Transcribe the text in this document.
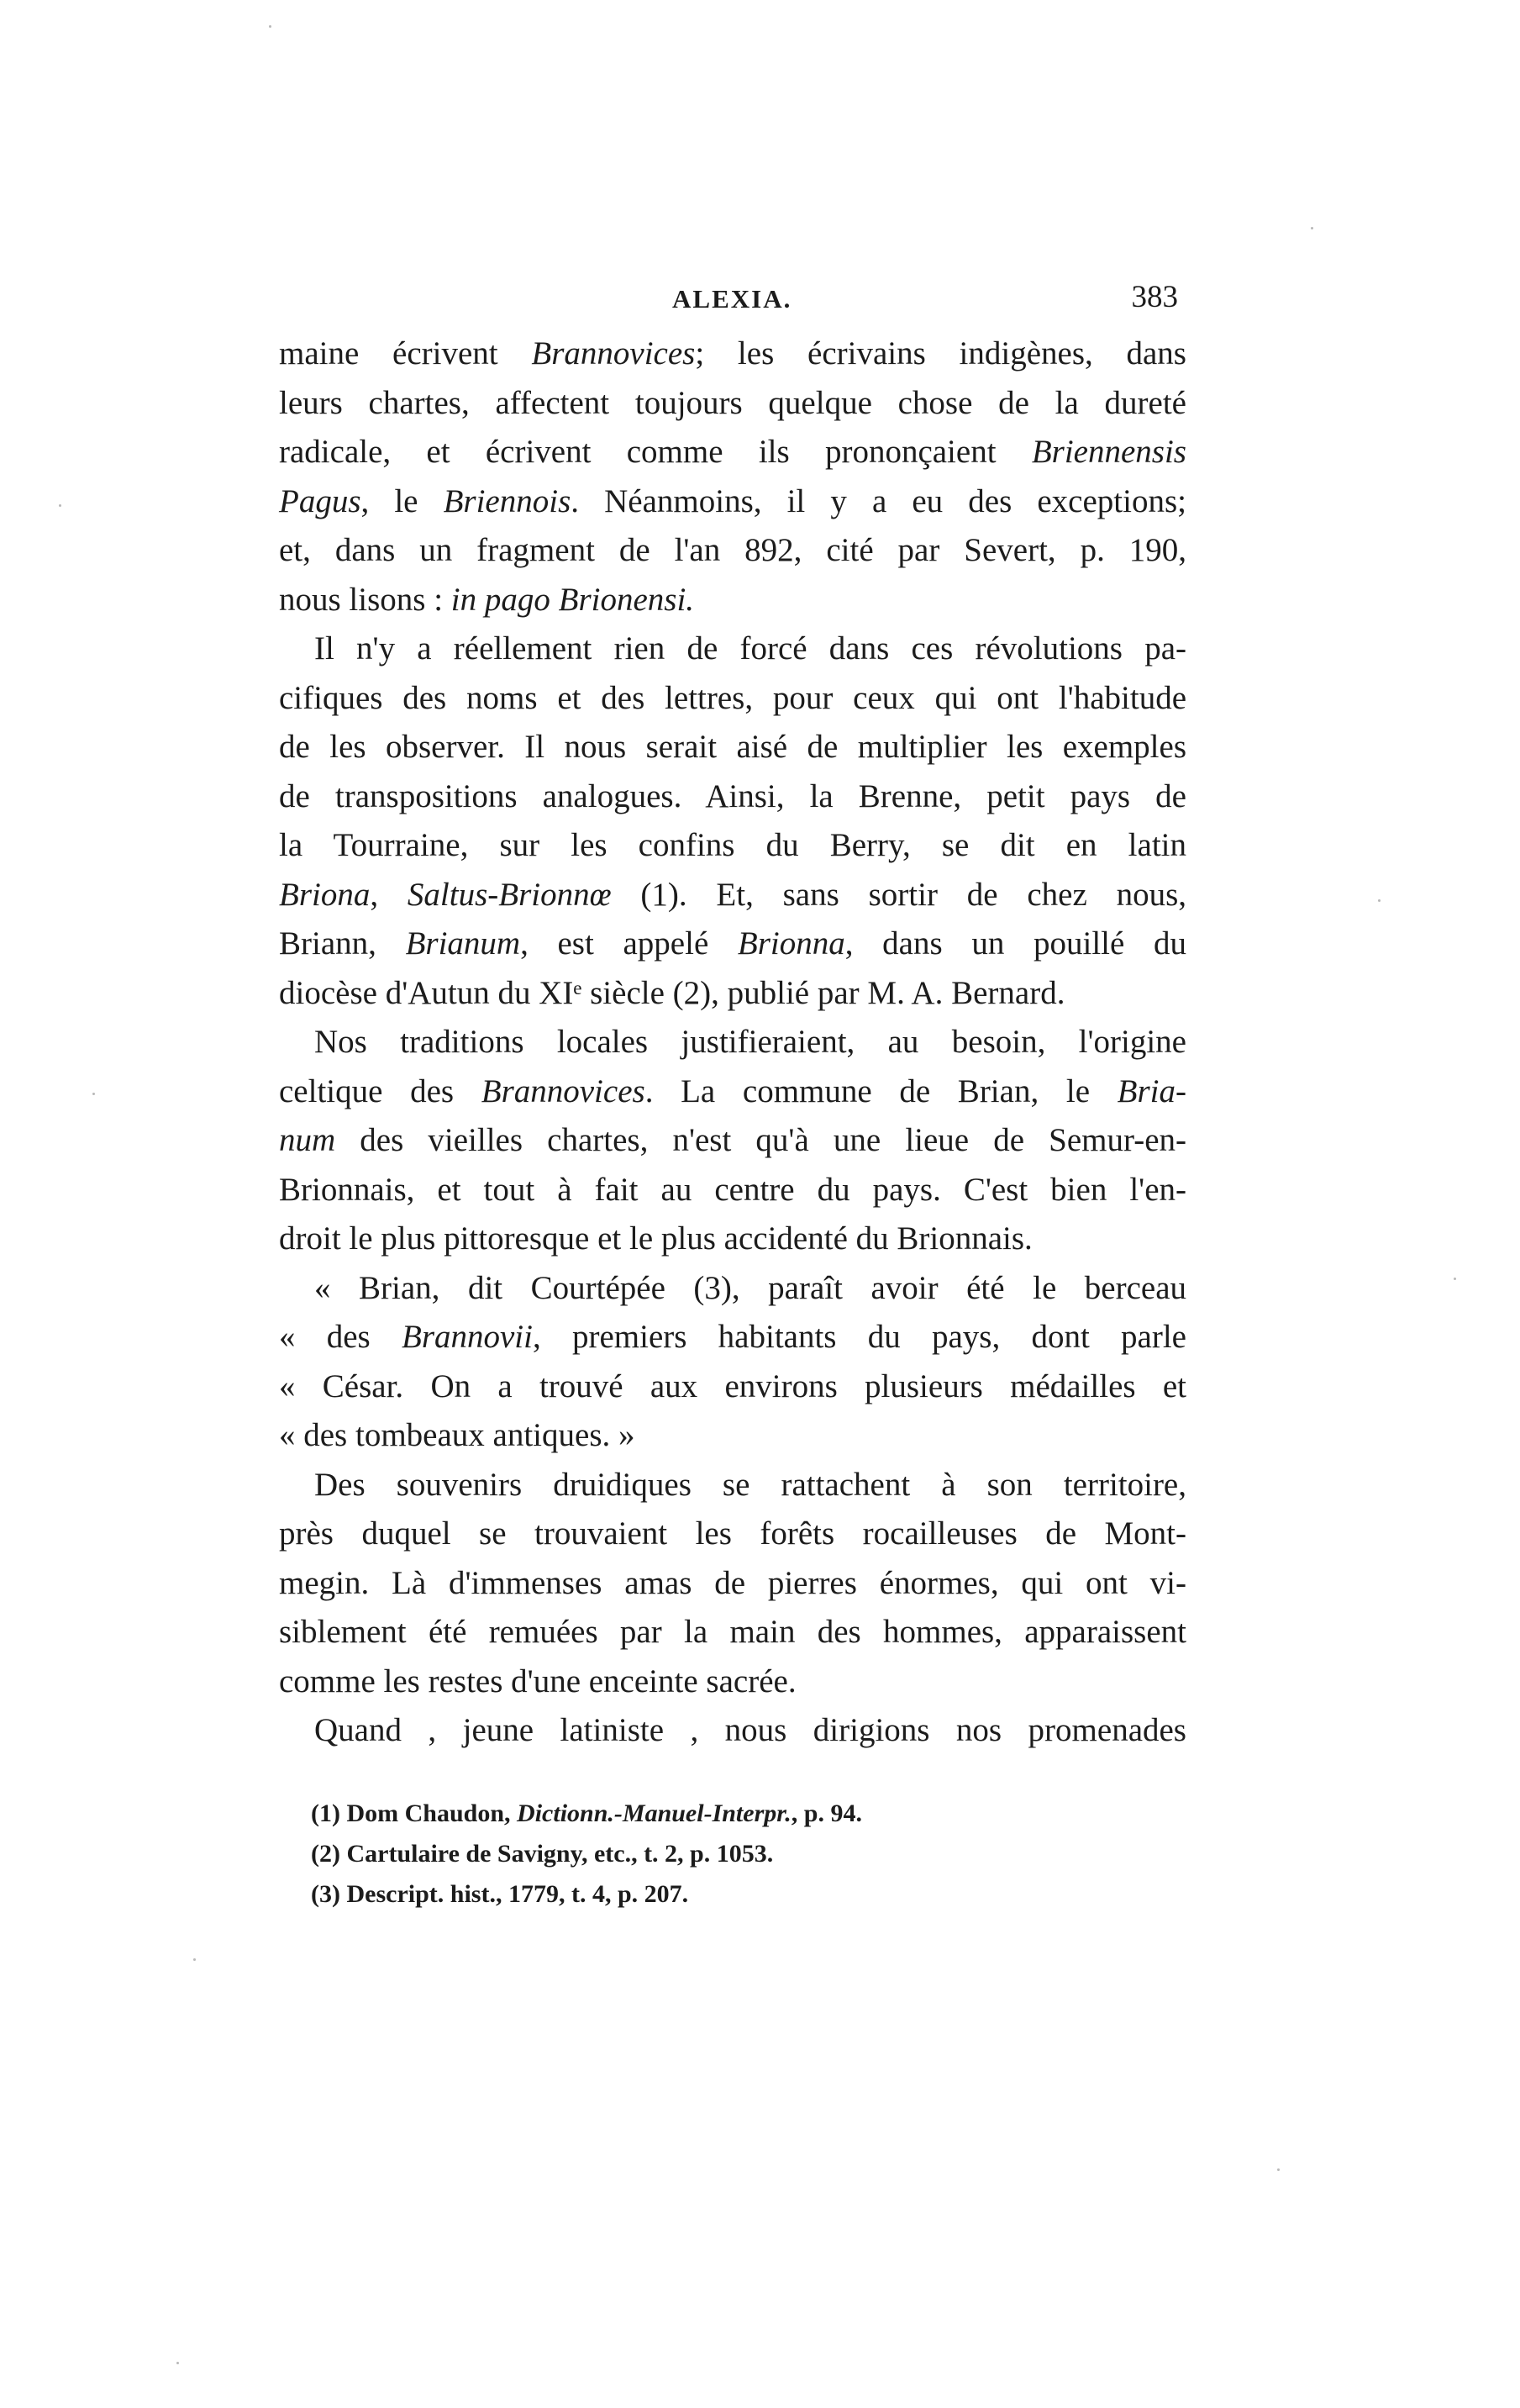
ALEXIA.	383
maine écrivent Brannovices; les écrivains indigènes, dans
leurs chartes, affectent toujours quelque chose de la dureté
radicale, et écrivent comme ils prononçaient Briennensis
Pagus, le Briennois. Néanmoins, il y a eu des exceptions;
et, dans un fragment de l'an 892, cité par Severt, p. 190,
nous lisons : in pago Brionensi.
Il n'y a réellement rien de forcé dans ces révolutions pa-
cifiques des noms et des lettres, pour ceux qui ont l'habitude
de les observer. Il nous serait aisé de multiplier les exemples
de transpositions analogues. Ainsi, la Brenne, petit pays de
la Tourraine, sur les confins du Berry, se dit en latin
Briona, Saltus-Brionnœ (1). Et, sans sortir de chez nous,
Briann, Brianum, est appelé Brionna, dans un pouillé du
diocèse d'Autun du XIᵉ siècle (2), publié par M. A. Bernard.
Nos traditions locales justifieraient, au besoin, l'origine
celtique des Brannovices. La commune de Brian, le Bria-
num des vieilles chartes, n'est qu'à une lieue de Semur-en-
Brionnais, et tout à fait au centre du pays. C'est bien l'en-
droit le plus pittoresque et le plus accidenté du Brionnais.
« Brian, dit Courtépée (3), paraît avoir été le berceau
« des Brannovii, premiers habitants du pays, dont parle
« César. On a trouvé aux environs plusieurs médailles et
« des tombeaux antiques. »
Des souvenirs druidiques se rattachent à son territoire,
près duquel se trouvaient les forêts rocailleuses de Mont-
megin. Là d'immenses amas de pierres énormes, qui ont vi-
siblement été remuées par la main des hommes, apparaissent
comme les restes d'une enceinte sacrée.
Quand , jeune latiniste , nous dirigions nos promenades
(1) Dom Chaudon, Dictionn.-Manuel-Interpr., p. 94.
(2) Cartulaire de Savigny, etc., t. 2, p. 1053.
(3) Descript. hist., 1779, t. 4, p. 207.
